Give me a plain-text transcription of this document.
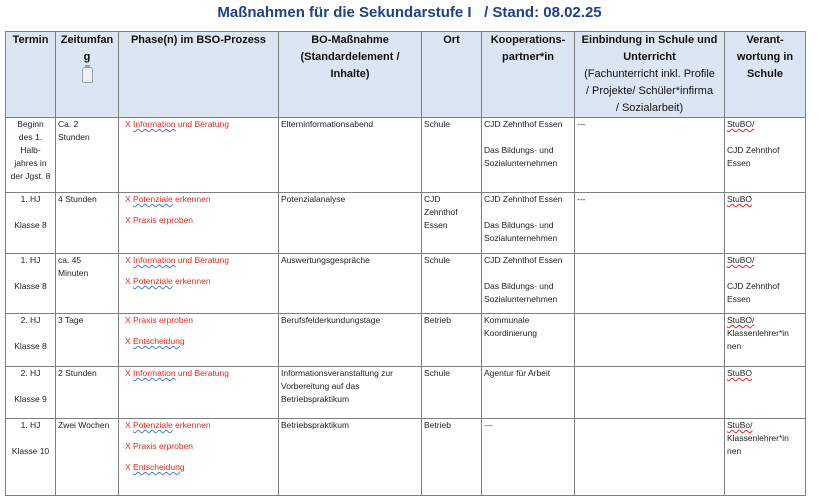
Maßnahmen für die Sekundarstufe I   / Stand: 08.02.25
Termin	Zeitumfan
g	Phase(n) im BSO-Prozess	BO-Maßnahme
(Standardelement /
Inhalte)	Ort	Kooperations-
partner*in	Einbindung in Schule und
Unterricht
(Fachunterricht inkl. Profile
/ Projekte/ Schüler*infirma
/ Sozialarbeit)	Verant-
wortung in
Schule

Beginn
des 1.
Halb-
jahres in
der Jgst. 8	Ca. 2
Stunden	X Information und Beratung	Elterninformationsabend	Schule	CJD Zehnthof Essen

Das Bildungs- und
Sozialunternehmen	---	StuBO/

CJD Zehnthof
Essen

1. HJ

Klasse 8	4 Stunden	X Potenziale erkennen
X Praxis erproben	Potenzialanalyse	CJD
Zehnthof
Essen	CJD Zehnthof Essen

Das Bildungs- und
Sozialunternehmen	---	StuBO

1. HJ

Klasse 8	ca. 45
Minuten	X Information und Beratung
X Potenziale erkennen	Auswertungsgespräche	Schule	CJD Zehnthof Essen

Das Bildungs- und
Sozialunternehmen		StuBO/

CJD Zehnthof
Essen

2. HJ

Klasse 8	3 Tage	X Praxis erproben
X Entscheidung	Berufsfelderkundungstage	Betrieb	Kommunale
Koordinierung		StuBO/
Klassenlehrer*in
nen

2. HJ

Klasse 9	2 Stunden	X Information und Beratung	Informationsveranstaltung zur
Vorbereitung auf das
Betriebspraktikum	Schule	Agentur für Arbeit		StuBO

1. HJ

Klasse 10	Zwei Wochen	X Potenziale erkennen
X Praxis erproben
X Entscheidung	Betriebspraktikum	Betrieb	---		StuBo/
Klassenlehrer*in
nen
